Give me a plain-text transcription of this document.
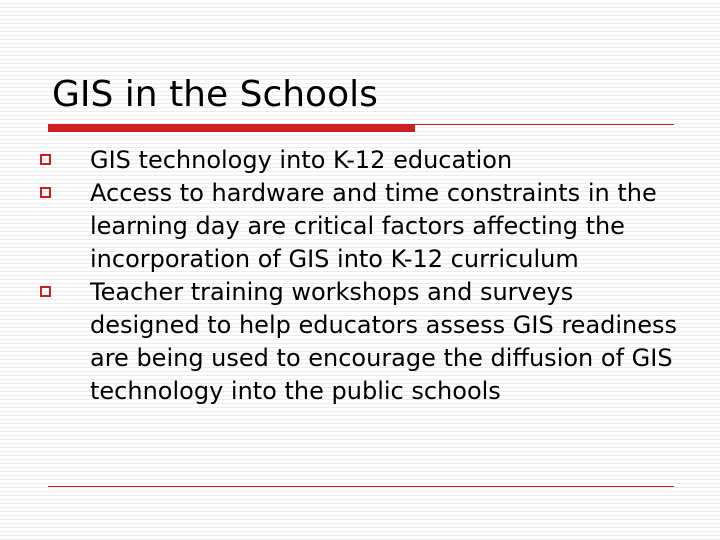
GIS in the Schools
GIS technology into K-12 education
Access to hardware and time constraints in the learning day are critical factors affecting the incorporation of GIS into K-12 curriculum
Teacher training workshops and surveys designed to help educators assess GIS readiness are being used to encourage the diffusion of GIS technology into the public schools
